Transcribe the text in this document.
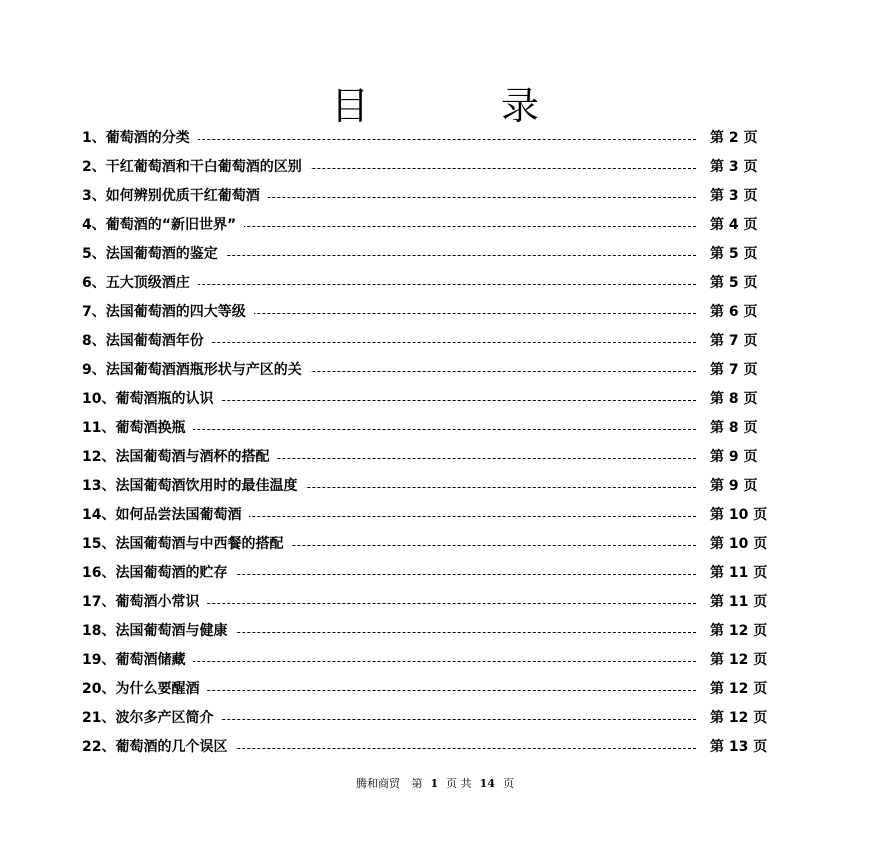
目 录
1、葡萄酒的分类	第 2 页
2、干红葡萄酒和干白葡萄酒的区别	第 3 页
3、如何辨别优质干红葡萄酒	第 3 页
4、葡萄酒的“新旧世界”	第 4 页
5、法国葡萄酒的鉴定	第 5 页
6、五大顶级酒庄	第 5 页
7、法国葡萄酒的四大等级	第 6 页
8、法国葡萄酒年份	第 7 页
9、法国葡萄酒酒瓶形状与产区的关	第 7 页
10、葡萄酒瓶的认识	第 8 页
11、葡萄酒换瓶	第 8 页
12、法国葡萄酒与酒杯的搭配	第 9 页
13、法国葡萄酒饮用时的最佳温度	第 9 页
14、如何品尝法国葡萄酒	第 10 页
15、法国葡萄酒与中西餐的搭配	第 10 页
16、法国葡萄酒的贮存	第 11 页
17、葡萄酒小常识	第 11 页
18、法国葡萄酒与健康	第 12 页
19、葡萄酒储藏	第 12 页
20、为什么要醒酒	第 12 页
21、波尔多产区简介	第 12 页
22、葡萄酒的几个误区	第 13 页
腾和商贸 第 1 页 共 14 页
